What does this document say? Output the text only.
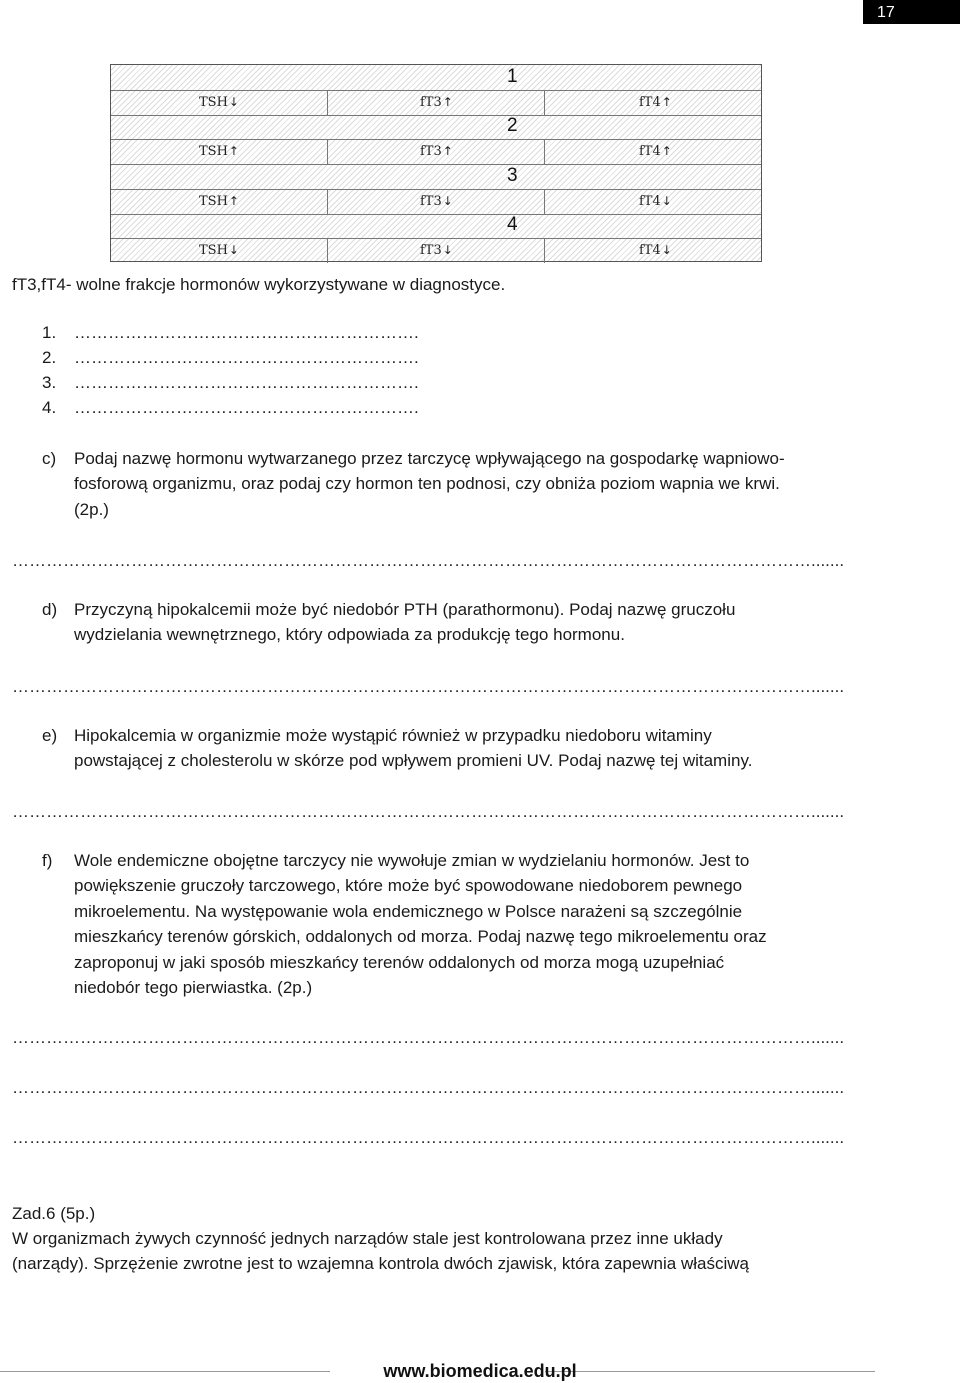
17
1
TSH↓	fT3↑	fT4↑
2
TSH↑	fT3↑	fT4↑
3
TSH↑	fT3↓	fT4↓
4
TSH↓	fT3↓	fT4↓
fT3,fT4- wolne frakcje hormonów wykorzystywane w diagnostyce.
1. …………………………………………………….
2. …………………………………………………….
3. …………………………………………………….
4. …………………………………………………….
c) Podaj nazwę hormonu wytwarzanego przez tarczycę wpływającego na gospodarkę wapniowo-
fosforową organizmu, oraz podaj czy hormon ten podnosi, czy obniża poziom wapnia we krwi.
(2p.)
…………………………………………………………………………………………………………………………….......
d) Przyczyną hipokalcemii może być niedobór PTH (parathormonu). Podaj nazwę gruczołu
wydzielania wewnętrznego, który odpowiada za produkcję tego hormonu.
…………………………………………………………………………………………………………………………….......
e) Hipokalcemia w organizmie może wystąpić również w przypadku niedoboru witaminy
powstającej z cholesterolu w skórze pod wpływem promieni UV. Podaj nazwę tej witaminy.
…………………………………………………………………………………………………………………………….......
f) Wole endemiczne obojętne tarczycy nie wywołuje zmian w wydzielaniu hormonów. Jest to
powiększenie gruczoły tarczowego, które może być spowodowane niedoborem pewnego
mikroelementu. Na występowanie wola endemicznego w Polsce narażeni są szczególnie
mieszkańcy terenów górskich, oddalonych od morza. Podaj nazwę tego mikroelementu oraz
zaproponuj w jaki sposób mieszkańcy terenów oddalonych od morza mogą uzupełniać
niedobór tego pierwiastka. (2p.)
…………………………………………………………………………………………………………………………….......
…………………………………………………………………………………………………………………………….......
…………………………………………………………………………………………………………………………….......
Zad.6 (5p.)
W organizmach żywych czynność jednych narządów stale jest kontrolowana przez inne układy
(narządy). Sprzężenie zwrotne jest to wzajemna kontrola dwóch zjawisk, która zapewnia właściwą
www.biomedica.edu.pl
